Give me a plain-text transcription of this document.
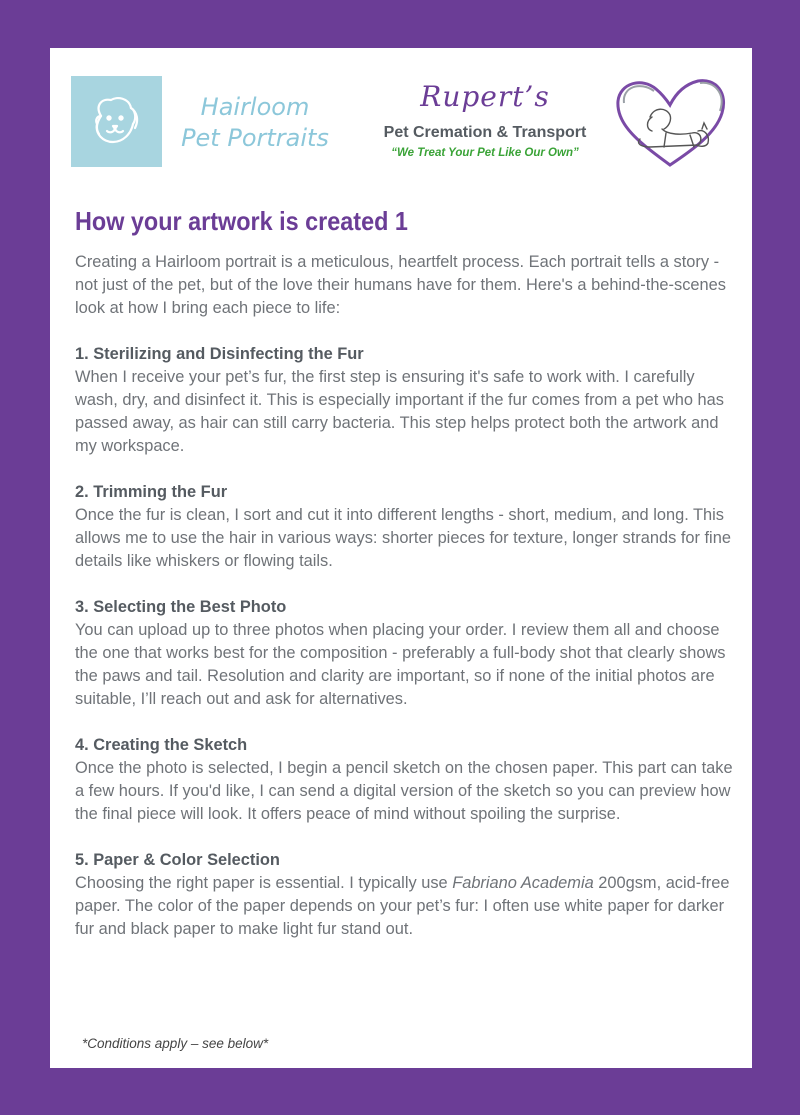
Hairloom
Pet Portraits
Rupert’s
Pet Cremation & Transport
“We Treat Your Pet Like Our Own”
How your artwork is created 1

Creating a Hairloom portrait is a meticulous, heartfelt process. Each portrait tells a story - not just of the pet, but of the love their humans have for them. Here's a behind-the-scenes look at how I bring each piece to life:

1. Sterilizing and Disinfecting the Fur

When I receive your pet’s fur, the first step is ensuring it's safe to work with. I carefully wash, dry, and disinfect it. This is especially important if the fur comes from a pet who has passed away, as hair can still carry bacteria. This step helps protect both the artwork and my workspace.

2. Trimming the Fur

Once the fur is clean, I sort and cut it into different lengths - short, medium, and long. This allows me to use the hair in various ways: shorter pieces for texture, longer strands for fine details like whiskers or flowing tails.

3. Selecting the Best Photo

You can upload up to three photos when placing your order. I review them all and choose the one that works best for the composition - preferably a full-body shot that clearly shows the paws and tail. Resolution and clarity are important, so if none of the initial photos are suitable, I’ll reach out and ask for alternatives.

4. Creating the Sketch

Once the photo is selected, I begin a pencil sketch on the chosen paper. This part can take a few hours. If you'd like, I can send a digital version of the sketch so you can preview how the final piece will look. It offers peace of mind without spoiling the surprise.

5. Paper & Color Selection

Choosing the right paper is essential. I typically use Fabriano Academia 200gsm, acid-free paper. The color of the paper depends on your pet’s fur: I often use white paper for darker fur and black paper to make light fur stand out.

*Conditions apply – see below*
